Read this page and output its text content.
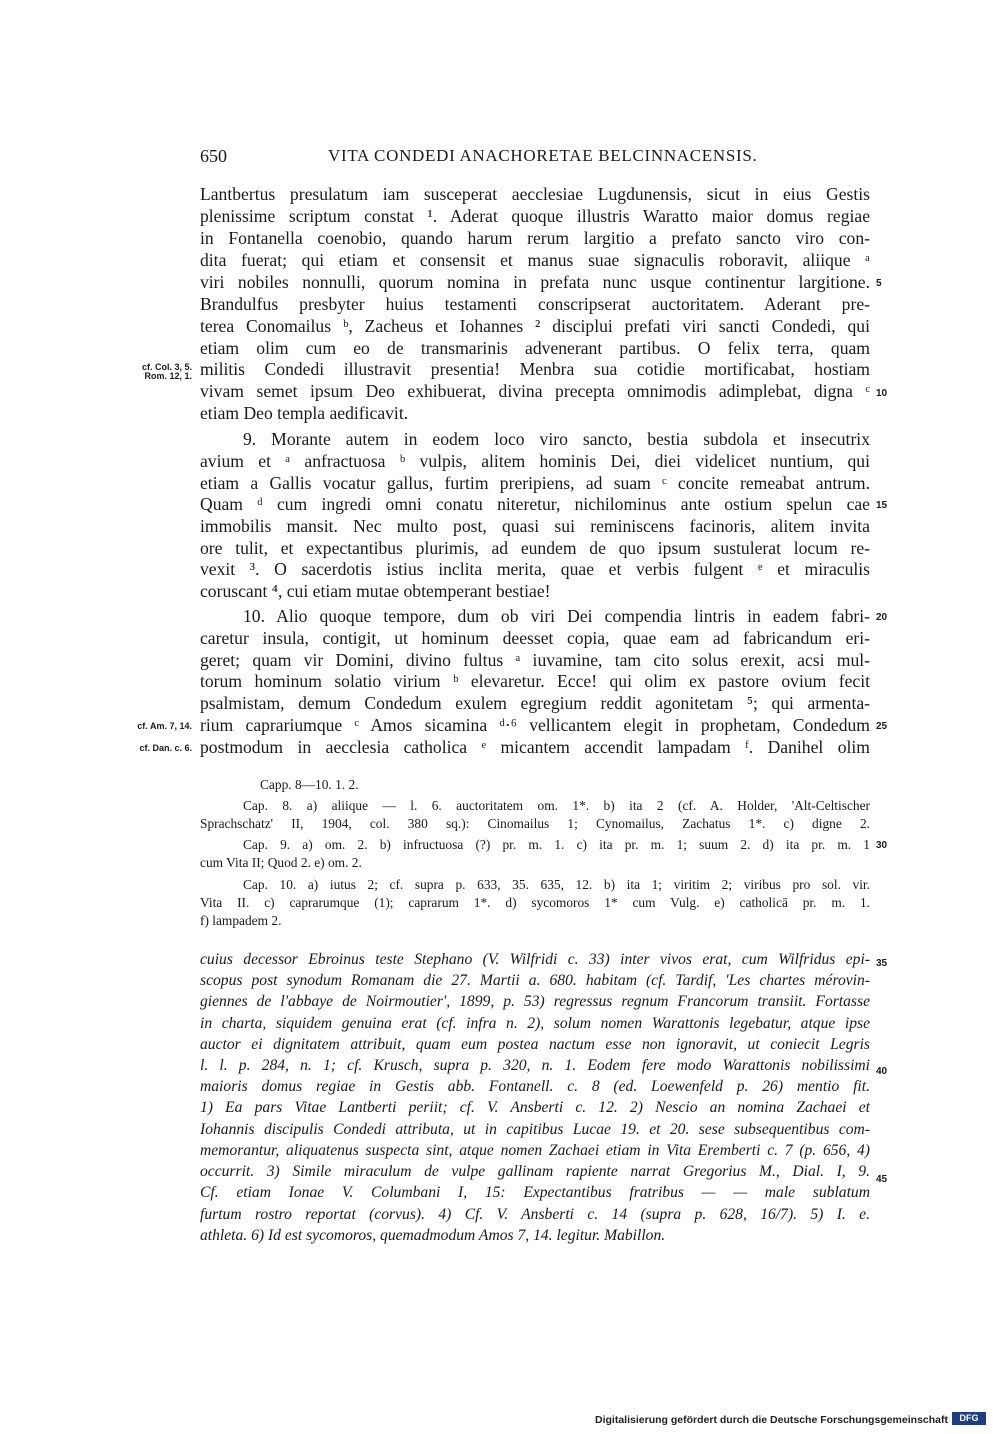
650	VITA CONDEDI ANACHORETAE BELCINNACENSIS.
Lantbertus presulatum iam susceperat aecclesiae Lugdunensis, sicut in eius Gestis
plenissime scriptum constat ¹. Aderat quoque illustris Waratto maior domus regiae
in Fontanella coenobio, quando harum rerum largitio a prefato sancto viro con-
dita fuerat; qui etiam et consensit et manus suae signaculis roboravit, aliique ᵃ
viri nobiles nonnulli, quorum nomina in prefata nunc usque continentur largitione.
Brandulfus presbyter huius testamenti conscripserat auctoritatem. Aderant pre-
terea Conomailus ᵇ, Zacheus et Iohannes ² disciplui prefati viri sancti Condedi, qui
etiam olim cum eo de transmarinis advenerant partibus. O felix terra, quam
militis Condedi illustravit presentia! Menbra sua cotidie mortificabat, hostiam
vivam semet ipsum Deo exhibuerat, divina precepta omnimodis adimplebat, digna ᶜ
etiam Deo templa aedificavit.
9. Morante autem in eodem loco viro sancto, bestia subdola et insecutrix
avium et ᵃ anfractuosa ᵇ vulpis, alitem hominis Dei, diei videlicet nuntium, qui
etiam a Gallis vocatur gallus, furtim preripiens, ad suam ᶜ concite remeabat antrum.
Quam ᵈ cum ingredi omni conatu niteretur, nichilominus ante ostium spelun cae
immobilis mansit. Nec multo post, quasi sui reminiscens facinoris, alitem invita
ore tulit, et expectantibus plurimis, ad eundem de quo ipsum sustulerat locum re-
vexit ³. O sacerdotis istius inclita merita, quae et verbis fulgent ᵉ et miraculis
coruscant ⁴, cui etiam mutae obtemperant bestiae!
10. Alio quoque tempore, dum ob viri Dei compendia lintris in eadem fabri-
caretur insula, contigit, ut hominum deesset copia, quae eam ad fabricandum eri-
geret; quam vir Domini, divino fultus ᵃ iuvamine, tam cito solus erexit, acsi mul-
torum hominum solatio virium ᵇ elevaretur. Ecce! qui olim ex pastore ovium fecit
psalmistam, demum Condedum exulem egregium reddit agonitetam ⁵; qui armenta-
rium caprariumque ᶜ Amos sicamina ᵈ·⁶ vellicantem elegit in prophetam, Condedum
postmodum in aecclesia catholica ᵉ micantem accendit lampadam ᶠ. Danihel olim
cf. Col. 3, 5.
Rom. 12, 1.
cf. Am. 7, 14.
cf. Dan. c. 6.
5
10
15
20
25
30
35
40
45
Capp. 8—10. 1. 2.
Cap. 8. a) aliique — l. 6. auctoritatem om. 1*. b) ita 2 (cf. A. Holder, 'Alt-Celtischer
Sprachschatz' II, 1904, col. 380 sq.): Cinomailus 1; Cynomailus, Zachatus 1*. c) digne 2.
Cap. 9. a) om. 2. b) infructuosa (?) pr. m. 1. c) ita pr. m. 1; suum 2. d) ita pr. m. 1
cum Vita II; Quod 2. e) om. 2.
Cap. 10. a) iutus 2; cf. supra p. 633, 35. 635, 12. b) ita 1; viritim 2; viribus pro sol. vir.
Vita II. c) caprarumque (1); caprarum 1*. d) sycomoros 1* cum Vulg. e) catholicā pr. m. 1.
f) lampadem 2.
cuius decessor Ebroinus teste Stephano (V. Wilfridi c. 33) inter vivos erat, cum Wilfridus epi-
scopus post synodum Romanam die 27. Martii a. 680. habitam (cf. Tardif, 'Les chartes mérovin-
giennes de l'abbaye de Noirmoutier', 1899, p. 53) regressus regnum Francorum transiit. Fortasse
in charta, siquidem genuina erat (cf. infra n. 2), solum nomen Warattonis legebatur, atque ipse
auctor ei dignitatem attribuit, quam eum postea nactum esse non ignoravit, ut coniecit Legris
l. l. p. 284, n. 1; cf. Krusch, supra p. 320, n. 1. Eodem fere modo Warattonis nobilissimi
maioris domus regiae in Gestis abb. Fontanell. c. 8 (ed. Loewenfeld p. 26) mentio fit.
1) Ea pars Vitae Lantberti periit; cf. V. Ansberti c. 12. 2) Nescio an nomina Zachaei et
Iohannis discipulis Condedi attributa, ut in capitibus Lucae 19. et 20. sese subsequentibus com-
memorantur, aliquatenus suspecta sint, atque nomen Zachaei etiam in Vita Eremberti c. 7 (p. 656, 4)
occurrit. 3) Simile miraculum de vulpe gallinam rapiente narrat Gregorius M., Dial. I, 9.
Cf. etiam Ionae V. Columbani I, 15: Expectantibus fratribus — — male sublatum
furtum rostro reportat (corvus). 4) Cf. V. Ansberti c. 14 (supra p. 628, 16/7). 5) I. e.
athleta. 6) Id est sycomoros, quemadmodum Amos 7, 14. legitur. Mabillon.
Digitalisierung gefördert durch die Deutsche Forschungsgemeinschaft	DFG
